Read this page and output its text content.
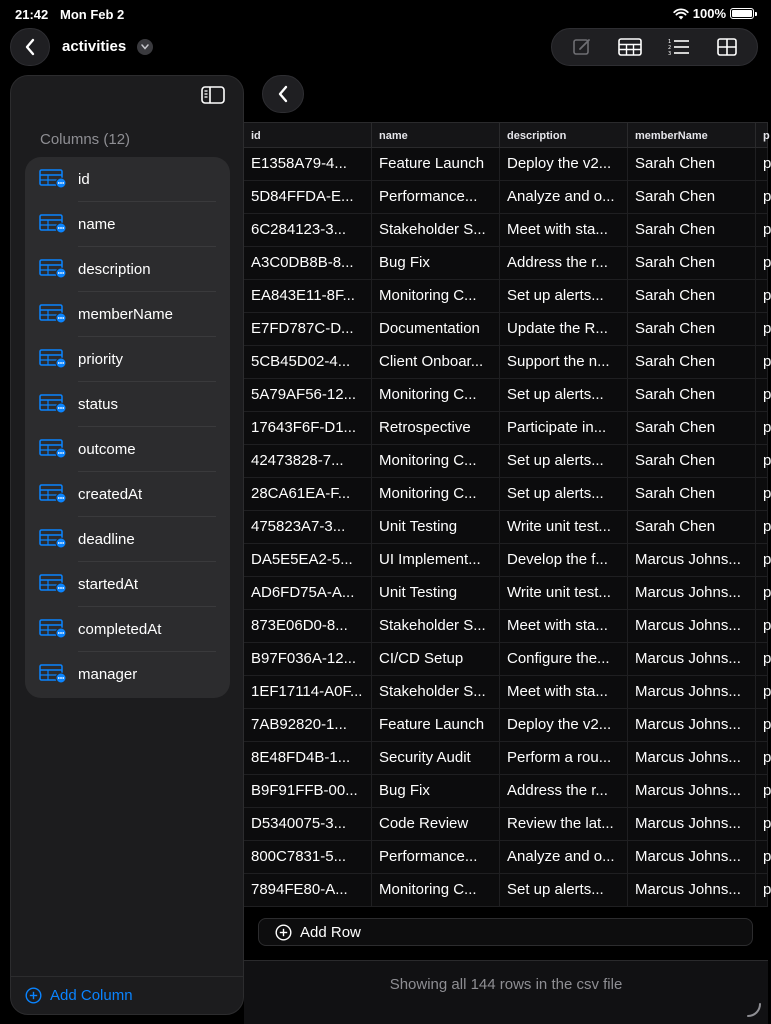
21:42 Mon Feb 2	100%
activities	1
2
3
Columns (12)
id
name
description
memberName
priority
status
outcome
createdAt
deadline
startedAt
completedAt
manager
Add Column
id	name	description	memberName	p
E1358A79-4...	Feature Launch	Deploy the v2...	Sarah Chen	p
5D84FFDA-E...	Performance...	Analyze and o...	Sarah Chen	p
6C284123-3...	Stakeholder S...	Meet with sta...	Sarah Chen	p
A3C0DB8B-8...	Bug Fix	Address the r...	Sarah Chen	p
EA843E11-8F...	Monitoring C...	Set up alerts...	Sarah Chen	p
E7FD787C-D...	Documentation	Update the R...	Sarah Chen	p
5CB45D02-4...	Client Onboar...	Support the n...	Sarah Chen	p
5A79AF56-12...	Monitoring C...	Set up alerts...	Sarah Chen	p
17643F6F-D1...	Retrospective	Participate in...	Sarah Chen	p
42473828-7...	Monitoring C...	Set up alerts...	Sarah Chen	p
28CA61EA-F...	Monitoring C...	Set up alerts...	Sarah Chen	p
475823A7-3...	Unit Testing	Write unit test...	Sarah Chen	p
DA5E5EA2-5...	UI Implement...	Develop the f...	Marcus Johns...	p
AD6FD75A-A...	Unit Testing	Write unit test...	Marcus Johns...	p
873E06D0-8...	Stakeholder S...	Meet with sta...	Marcus Johns...	p
B97F036A-12...	CI/CD Setup	Configure the...	Marcus Johns...	p
1EF17114-A0F...	Stakeholder S...	Meet with sta...	Marcus Johns...	p
7AB92820-1...	Feature Launch	Deploy the v2...	Marcus Johns...	p
8E48FD4B-1...	Security Audit	Perform a rou...	Marcus Johns...	p
B9F91FFB-00...	Bug Fix	Address the r...	Marcus Johns...	p
D5340075-3...	Code Review	Review the lat...	Marcus Johns...	p
800C7831-5...	Performance...	Analyze and o...	Marcus Johns...	p
7894FE80-A...	Monitoring C...	Set up alerts...	Marcus Johns...	p
Add Row
Showing all 144 rows in the csv file
